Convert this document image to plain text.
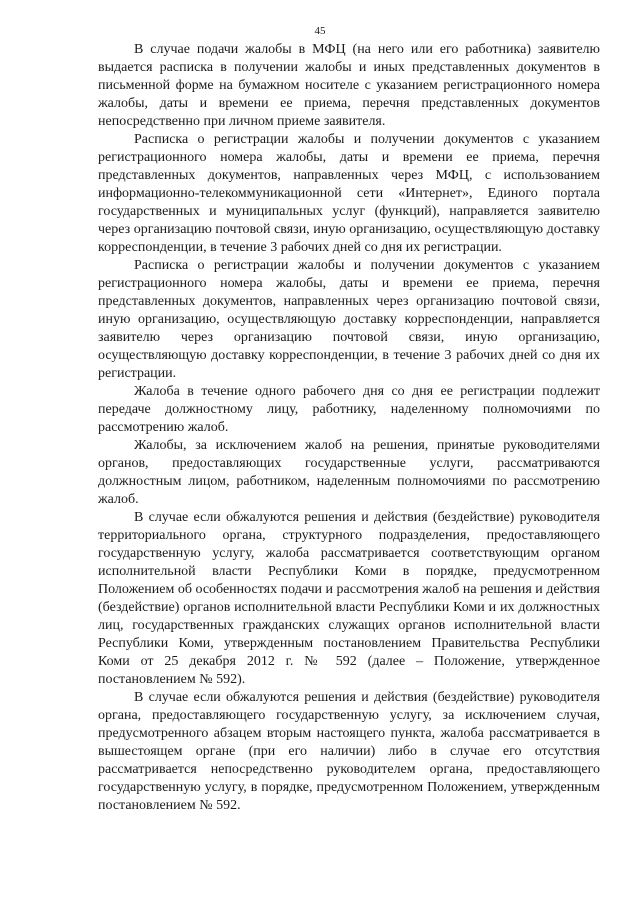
45

В случае подачи жалобы в МФЦ (на него или его работника) заявителю выдается расписка в получении жалобы и иных представленных документов в письменной форме на бумажном носителе с указанием регистрационного номера жалобы, даты и времени ее приема, перечня представленных документов непосредственно при личном приеме заявителя.

Расписка о регистрации жалобы и получении документов с указанием регистрационного номера жалобы, даты и времени ее приема, перечня представленных документов, направленных через МФЦ, с использованием информационно-телекоммуникационной сети «Интернет», Единого портала государственных и муниципальных услуг (функций), направляется заявителю через организацию почтовой связи, иную организацию, осуществляющую доставку корреспонденции, в течение 3 рабочих дней со дня их регистрации.

Расписка о регистрации жалобы и получении документов с указанием регистрационного номера жалобы, даты и времени ее приема, перечня представленных документов, направленных через организацию почтовой связи, иную организацию, осуществляющую доставку корреспонденции, направляется заявителю через организацию почтовой связи, иную организацию, осуществляющую доставку корреспонденции, в течение 3 рабочих дней со дня их регистрации.

Жалоба в течение одного рабочего дня со дня ее регистрации подлежит передаче должностному лицу, работнику, наделенному полномочиями по рассмотрению жалоб.

Жалобы, за исключением жалоб на решения, принятые руководителями органов, предоставляющих государственные услуги, рассматриваются должностным лицом, работником, наделенным полномочиями по рассмотрению жалоб.

В случае если обжалуются решения и действия (бездействие) руководителя территориального органа, структурного подразделения, предоставляющего государственную услугу, жалоба рассматривается соответствующим органом исполнительной власти Республики Коми в порядке, предусмотренном Положением об особенностях подачи и рассмотрения жалоб на решения и действия (бездействие) органов исполнительной власти Республики Коми и их должностных лиц, государственных гражданских служащих органов исполнительной власти Республики Коми, утвержденным постановлением Правительства Республики Коми от 25 декабря 2012 г. № 592 (далее – Положение, утвержденное постановлением № 592).

В случае если обжалуются решения и действия (бездействие) руководителя органа, предоставляющего государственную услугу, за исключением случая, предусмотренного абзацем вторым настоящего пункта, жалоба рассматривается в вышестоящем органе (при его наличии) либо в случае его отсутствия рассматривается непосредственно руководителем органа, предоставляющего государственную услугу, в порядке, предусмотренном Положением, утвержденным постановлением № 592.
